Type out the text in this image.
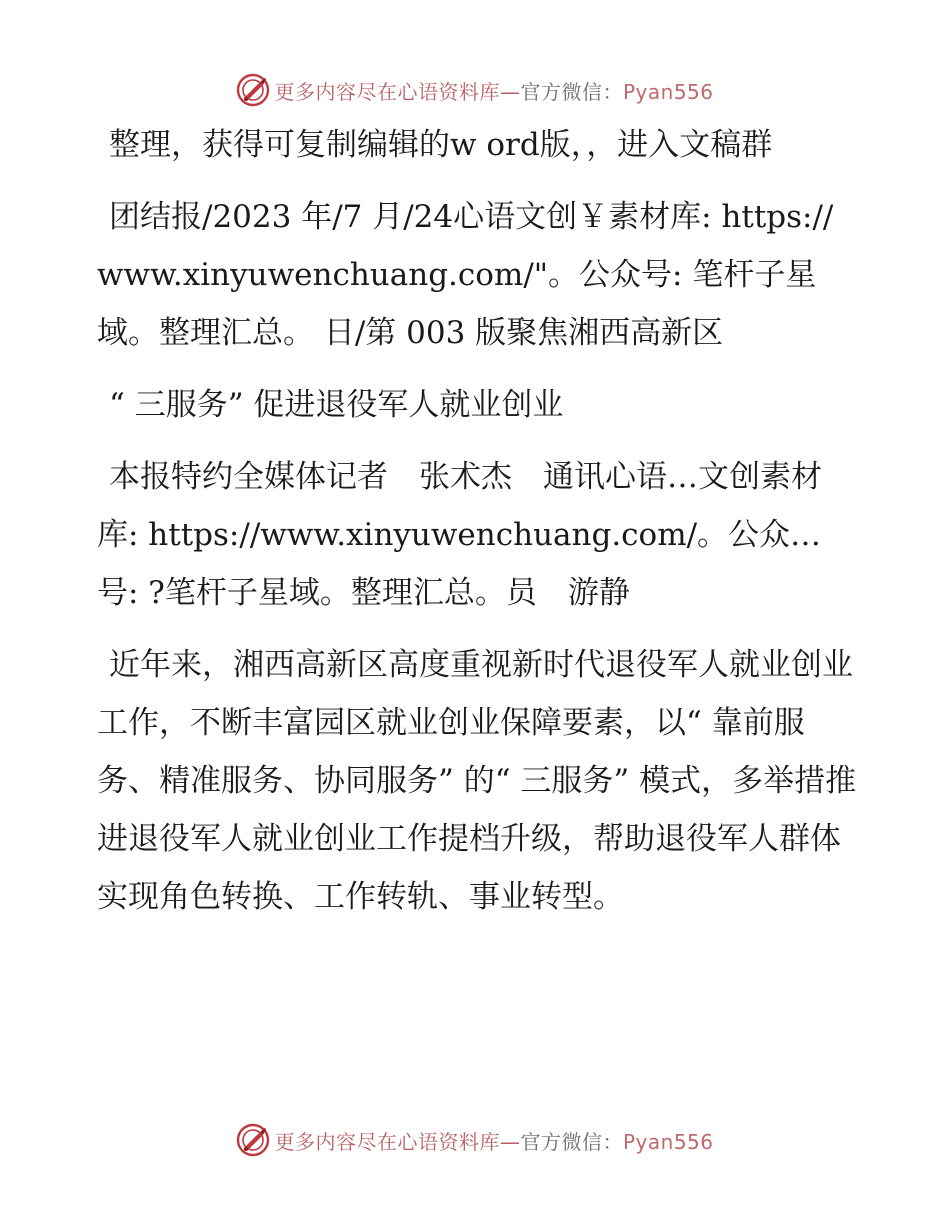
更多内容尽在心语资料库—官方微信：Pyan556

整理，获得可复制编辑的w ord版，，进入文稿群

团结报/2023 年/7 月/24心语文创￥素材库: https://www.xinyuwenchuang.com/"。公众号: 笔杆子星域。整理汇总。 日/第 003 版聚焦湘西高新区

“ 三服务” 促进退役军人就业创业

本报特约全媒体记者　张术杰　通讯心语…文创素材库: https://www.xinyuwenchuang.com/。公众…号: ?笔杆子星域。整理汇总。员　游静

近年来，湘西高新区高度重视新时代退役军人就业创业工作，不断丰富园区就业创业保障要素，以“ 靠前服务、精准服务、协同服务” 的“ 三服务” 模式，多举措推进退役军人就业创业工作提档升级，帮助退役军人群体实现角色转换、工作转轨、事业转型。

更多内容尽在心语资料库—官方微信：Pyan556
